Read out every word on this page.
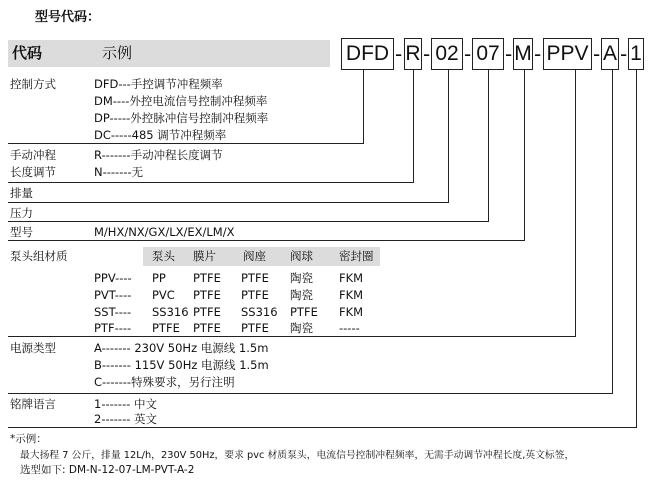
型号代码：
代码	示例	DFD - R - 02 - 07 - M - PPV - A - 1
控制方式	DFD---手控调节冲程频率
DM----外控电流信号控制冲程频率
DP-----外控脉冲信号控制冲程频率
DC-----485 调节冲程频率
手动冲程
长度调节
R-------手动冲程长度调节
N-------无
排量
压力
型号	M/HX/NX/GX/LX/EX/LM/X
泵头组材质	泵头 膜片 阀座 阀球 密封圈
PPV---- PP PTFE PTFE 陶瓷 FKM
PVT---- PVC PTFE PTFE 陶瓷 FKM
SST---- SS316 PTFE SS316 PTFE FKM
PTF---- PTFE PTFE PTFE 陶瓷 -----
电源类型	A------- 230V 50Hz 电源线 1.5m
B------- 115V 50Hz 电源线 1.5m
C-------特殊要求，另行注明
铭牌语言	1------- 中文
2------- 英文
*示例：
最大扬程 7 公斤，排量 12L/h，230V 50Hz，要求 pvc 材质泵头，电流信号控制冲程频率，无需手动调节冲程长度,英文标签，
选型如下: DM-N-12-07-LM-PVT-A-2
